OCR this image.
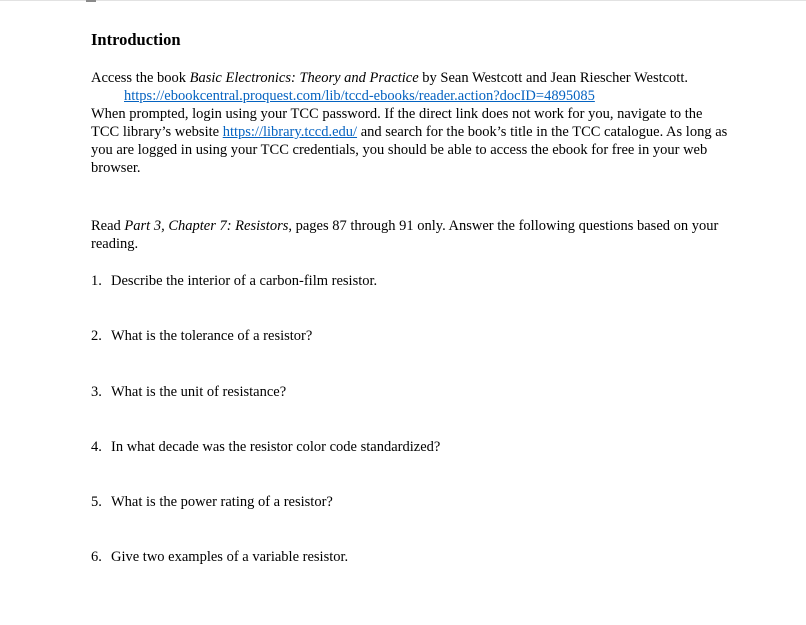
Introduction
Access the book Basic Electronics: Theory and Practice by Sean Westcott and Jean Riescher Westcott.
https://ebookcentral.proquest.com/lib/tccd-ebooks/reader.action?docID=4895085
When prompted, login using your TCC password. If the direct link does not work for you, navigate to the TCC library’s website https://library.tccd.edu/ and search for the book’s title in the TCC catalogue. As long as you are logged in using your TCC credentials, you should be able to access the ebook for free in your web browser.
Read Part 3, Chapter 7: Resistors, pages 87 through 91 only. Answer the following questions based on your reading.
1. Describe the interior of a carbon-film resistor.
2. What is the tolerance of a resistor?
3. What is the unit of resistance?
4. In what decade was the resistor color code standardized?
5. What is the power rating of a resistor?
6. Give two examples of a variable resistor.
